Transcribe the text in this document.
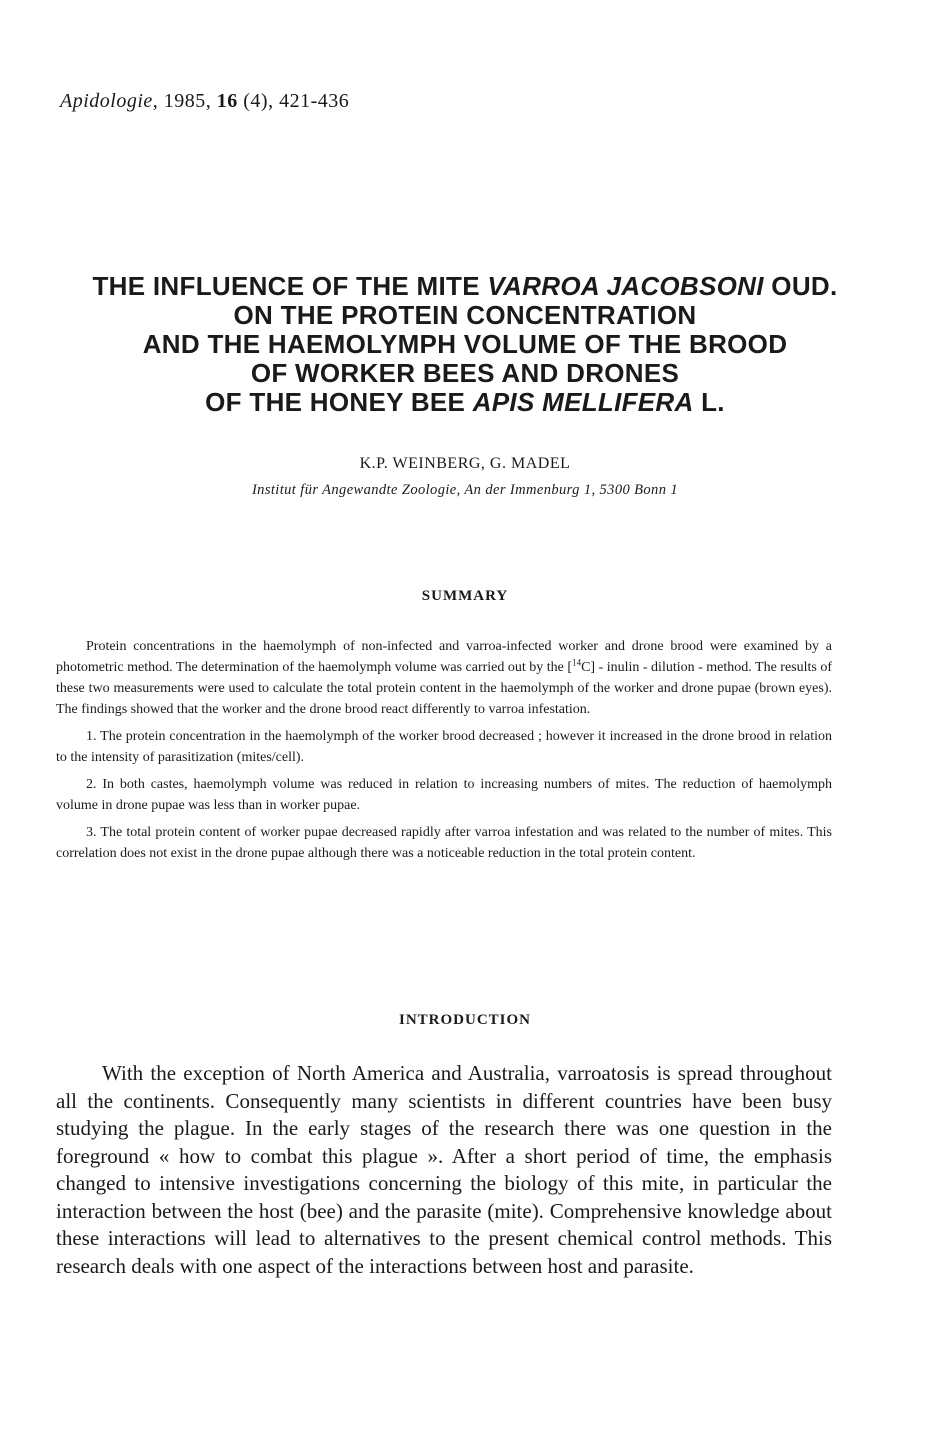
Apidologie, 1985, 16 (4), 421-436
THE INFLUENCE OF THE MITE VARROA JACOBSONI OUD.
ON THE PROTEIN CONCENTRATION
AND THE HAEMOLYMPH VOLUME OF THE BROOD
OF WORKER BEES AND DRONES
OF THE HONEY BEE APIS MELLIFERA L.
K.P. WEINBERG, G. MADEL
Institut für Angewandte Zoologie, An der Immenburg 1, 5300 Bonn 1
SUMMARY

Protein concentrations in the haemolymph of non-infected and varroa-infected worker and drone brood were examined by a photometric method. The determination of the haemolymph volume was carried out by the [$^{14}$C] - inulin - dilution - method. The results of these two measurements were used to calculate the total protein content in the haemolymph of the worker and drone pupae (brown eyes). The findings showed that the worker and the drone brood react differently to varroa infestation.

1. The protein concentration in the haemolymph of the worker brood decreased ; however it increased in the drone brood in relation to the intensity of parasitization (mites/cell).

2. In both castes, haemolymph volume was reduced in relation to increasing numbers of mites. The reduction of haemolymph volume in drone pupae was less than in worker pupae.

3. The total protein content of worker pupae decreased rapidly after varroa infestation and was related to the number of mites. This correlation does not exist in the drone pupae although there was a noticeable reduction in the total protein content.

INTRODUCTION

With the exception of North America and Australia, varroatosis is spread throughout all the continents. Consequently many scientists in different countries have been busy studying the plague. In the early stages of the research there was one question in the foreground « how to combat this plague ». After a short period of time, the emphasis changed to intensive investigations concerning the biology of this mite, in particular the interaction between the host (bee) and the parasite (mite). Comprehensive knowledge about these interactions will lead to alternatives to the present chemical control methods. This research deals with one aspect of the interactions between host and parasite.
